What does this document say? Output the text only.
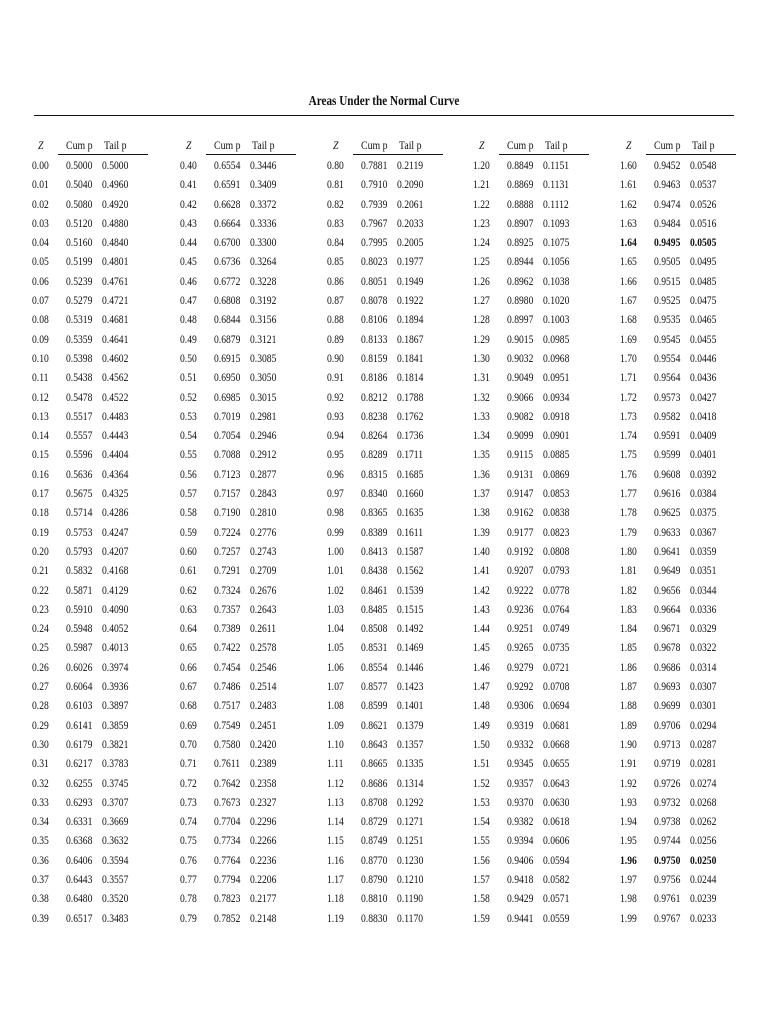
Areas Under the Normal Curve
Z Cum p Tail p
0.00 0.5000 0.5000
0.01 0.5040 0.4960
0.02 0.5080 0.4920
0.03 0.5120 0.4880
0.04 0.5160 0.4840
0.05 0.5199 0.4801
0.06 0.5239 0.4761
0.07 0.5279 0.4721
0.08 0.5319 0.4681
0.09 0.5359 0.4641
0.10 0.5398 0.4602
0.11 0.5438 0.4562
0.12 0.5478 0.4522
0.13 0.5517 0.4483
0.14 0.5557 0.4443
0.15 0.5596 0.4404
0.16 0.5636 0.4364
0.17 0.5675 0.4325
0.18 0.5714 0.4286
0.19 0.5753 0.4247
0.20 0.5793 0.4207
0.21 0.5832 0.4168
0.22 0.5871 0.4129
0.23 0.5910 0.4090
0.24 0.5948 0.4052
0.25 0.5987 0.4013
0.26 0.6026 0.3974
0.27 0.6064 0.3936
0.28 0.6103 0.3897
0.29 0.6141 0.3859
0.30 0.6179 0.3821
0.31 0.6217 0.3783
0.32 0.6255 0.3745
0.33 0.6293 0.3707
0.34 0.6331 0.3669
0.35 0.6368 0.3632
0.36 0.6406 0.3594
0.37 0.6443 0.3557
0.38 0.6480 0.3520
0.39 0.6517 0.3483
Z Cum p Tail p
0.40 0.6554 0.3446
0.41 0.6591 0.3409
0.42 0.6628 0.3372
0.43 0.6664 0.3336
0.44 0.6700 0.3300
0.45 0.6736 0.3264
0.46 0.6772 0.3228
0.47 0.6808 0.3192
0.48 0.6844 0.3156
0.49 0.6879 0.3121
0.50 0.6915 0.3085
0.51 0.6950 0.3050
0.52 0.6985 0.3015
0.53 0.7019 0.2981
0.54 0.7054 0.2946
0.55 0.7088 0.2912
0.56 0.7123 0.2877
0.57 0.7157 0.2843
0.58 0.7190 0.2810
0.59 0.7224 0.2776
0.60 0.7257 0.2743
0.61 0.7291 0.2709
0.62 0.7324 0.2676
0.63 0.7357 0.2643
0.64 0.7389 0.2611
0.65 0.7422 0.2578
0.66 0.7454 0.2546
0.67 0.7486 0.2514
0.68 0.7517 0.2483
0.69 0.7549 0.2451
0.70 0.7580 0.2420
0.71 0.7611 0.2389
0.72 0.7642 0.2358
0.73 0.7673 0.2327
0.74 0.7704 0.2296
0.75 0.7734 0.2266
0.76 0.7764 0.2236
0.77 0.7794 0.2206
0.78 0.7823 0.2177
0.79 0.7852 0.2148
Z Cum p Tail p
0.80 0.7881 0.2119
0.81 0.7910 0.2090
0.82 0.7939 0.2061
0.83 0.7967 0.2033
0.84 0.7995 0.2005
0.85 0.8023 0.1977
0.86 0.8051 0.1949
0.87 0.8078 0.1922
0.88 0.8106 0.1894
0.89 0.8133 0.1867
0.90 0.8159 0.1841
0.91 0.8186 0.1814
0.92 0.8212 0.1788
0.93 0.8238 0.1762
0.94 0.8264 0.1736
0.95 0.8289 0.1711
0.96 0.8315 0.1685
0.97 0.8340 0.1660
0.98 0.8365 0.1635
0.99 0.8389 0.1611
1.00 0.8413 0.1587
1.01 0.8438 0.1562
1.02 0.8461 0.1539
1.03 0.8485 0.1515
1.04 0.8508 0.1492
1.05 0.8531 0.1469
1.06 0.8554 0.1446
1.07 0.8577 0.1423
1.08 0.8599 0.1401
1.09 0.8621 0.1379
1.10 0.8643 0.1357
1.11 0.8665 0.1335
1.12 0.8686 0.1314
1.13 0.8708 0.1292
1.14 0.8729 0.1271
1.15 0.8749 0.1251
1.16 0.8770 0.1230
1.17 0.8790 0.1210
1.18 0.8810 0.1190
1.19 0.8830 0.1170
Z Cum p Tail p
1.20 0.8849 0.1151
1.21 0.8869 0.1131
1.22 0.8888 0.1112
1.23 0.8907 0.1093
1.24 0.8925 0.1075
1.25 0.8944 0.1056
1.26 0.8962 0.1038
1.27 0.8980 0.1020
1.28 0.8997 0.1003
1.29 0.9015 0.0985
1.30 0.9032 0.0968
1.31 0.9049 0.0951
1.32 0.9066 0.0934
1.33 0.9082 0.0918
1.34 0.9099 0.0901
1.35 0.9115 0.0885
1.36 0.9131 0.0869
1.37 0.9147 0.0853
1.38 0.9162 0.0838
1.39 0.9177 0.0823
1.40 0.9192 0.0808
1.41 0.9207 0.0793
1.42 0.9222 0.0778
1.43 0.9236 0.0764
1.44 0.9251 0.0749
1.45 0.9265 0.0735
1.46 0.9279 0.0721
1.47 0.9292 0.0708
1.48 0.9306 0.0694
1.49 0.9319 0.0681
1.50 0.9332 0.0668
1.51 0.9345 0.0655
1.52 0.9357 0.0643
1.53 0.9370 0.0630
1.54 0.9382 0.0618
1.55 0.9394 0.0606
1.56 0.9406 0.0594
1.57 0.9418 0.0582
1.58 0.9429 0.0571
1.59 0.9441 0.0559
Z Cum p Tail p
1.60 0.9452 0.0548
1.61 0.9463 0.0537
1.62 0.9474 0.0526
1.63 0.9484 0.0516
1.64 0.9495 0.0505
1.65 0.9505 0.0495
1.66 0.9515 0.0485
1.67 0.9525 0.0475
1.68 0.9535 0.0465
1.69 0.9545 0.0455
1.70 0.9554 0.0446
1.71 0.9564 0.0436
1.72 0.9573 0.0427
1.73 0.9582 0.0418
1.74 0.9591 0.0409
1.75 0.9599 0.0401
1.76 0.9608 0.0392
1.77 0.9616 0.0384
1.78 0.9625 0.0375
1.79 0.9633 0.0367
1.80 0.9641 0.0359
1.81 0.9649 0.0351
1.82 0.9656 0.0344
1.83 0.9664 0.0336
1.84 0.9671 0.0329
1.85 0.9678 0.0322
1.86 0.9686 0.0314
1.87 0.9693 0.0307
1.88 0.9699 0.0301
1.89 0.9706 0.0294
1.90 0.9713 0.0287
1.91 0.9719 0.0281
1.92 0.9726 0.0274
1.93 0.9732 0.0268
1.94 0.9738 0.0262
1.95 0.9744 0.0256
1.96 0.9750 0.0250
1.97 0.9756 0.0244
1.98 0.9761 0.0239
1.99 0.9767 0.0233
